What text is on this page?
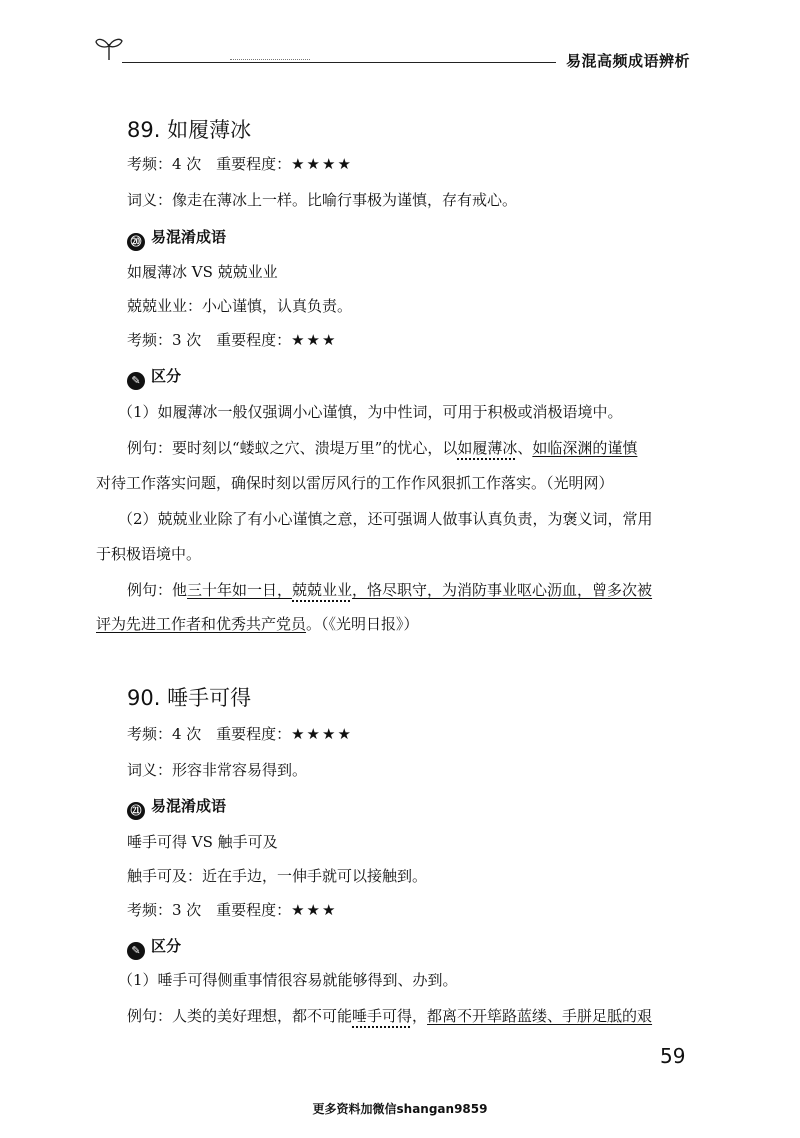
易混高频成语辨析
89. 如履薄冰
考频：4 次 重要程度：★★★★
词义：像走在薄冰上一样。比喻行事极为谨慎，存有戒心。
⑳ 易混淆成语
如履薄冰 VS 兢兢业业
兢兢业业：小心谨慎，认真负责。
考频：3 次 重要程度：★★★
✎ 区分
（1）如履薄冰一般仅强调小心谨慎，为中性词，可用于积极或消极语境中。
例句：要时刻以“蝼蚁之穴、溃堤万里”的忧心，以如履薄冰、如临深渊的谨慎
对待工作落实问题，确保时刻以雷厉风行的工作作风狠抓工作落实。（光明网）
（2）兢兢业业除了有小心谨慎之意，还可强调人做事认真负责，为褒义词，常用
于积极语境中。
例句：他三十年如一日，兢兢业业，恪尽职守，为消防事业呕心沥血，曾多次被
评为先进工作者和优秀共产党员。（《光明日报》）
90. 唾手可得
考频：4 次 重要程度：★★★★
词义：形容非常容易得到。
㉑ 易混淆成语
唾手可得 VS 触手可及
触手可及：近在手边，一伸手就可以接触到。
考频：3 次 重要程度：★★★
✎ 区分
（1）唾手可得侧重事情很容易就能够得到、办到。
例句：人类的美好理想，都不可能唾手可得，都离不开筚路蓝缕、手胼足胝的艰
59
更多资料加微信shangan9859
